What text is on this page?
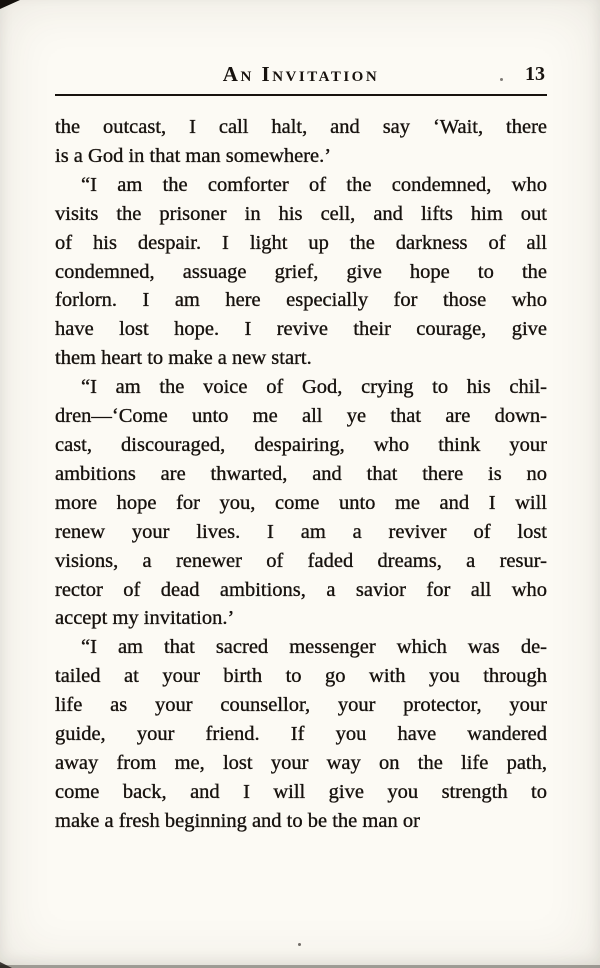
An Invitation	13
the outcast, I call halt, and say ‘Wait, there
is a God in that man somewhere.’
“I am the comforter of the condemned, who
visits the prisoner in his cell, and lifts him out
of his despair. I light up the darkness of all
condemned, assuage grief, give hope to the
forlorn. I am here especially for those who
have lost hope. I revive their courage, give
them heart to make a new start.
“I am the voice of God, crying to his chil-
dren—‘Come unto me all ye that are down-
cast, discouraged, despairing, who think your
ambitions are thwarted, and that there is no
more hope for you, come unto me and I will
renew your lives. I am a reviver of lost
visions, a renewer of faded dreams, a resur-
rector of dead ambitions, a savior for all who
accept my invitation.’
“I am that sacred messenger which was de-
tailed at your birth to go with you through
life as your counsellor, your protector, your
guide, your friend. If you have wandered
away from me, lost your way on the life path,
come back, and I will give you strength to
make a fresh beginning and to be the man or
